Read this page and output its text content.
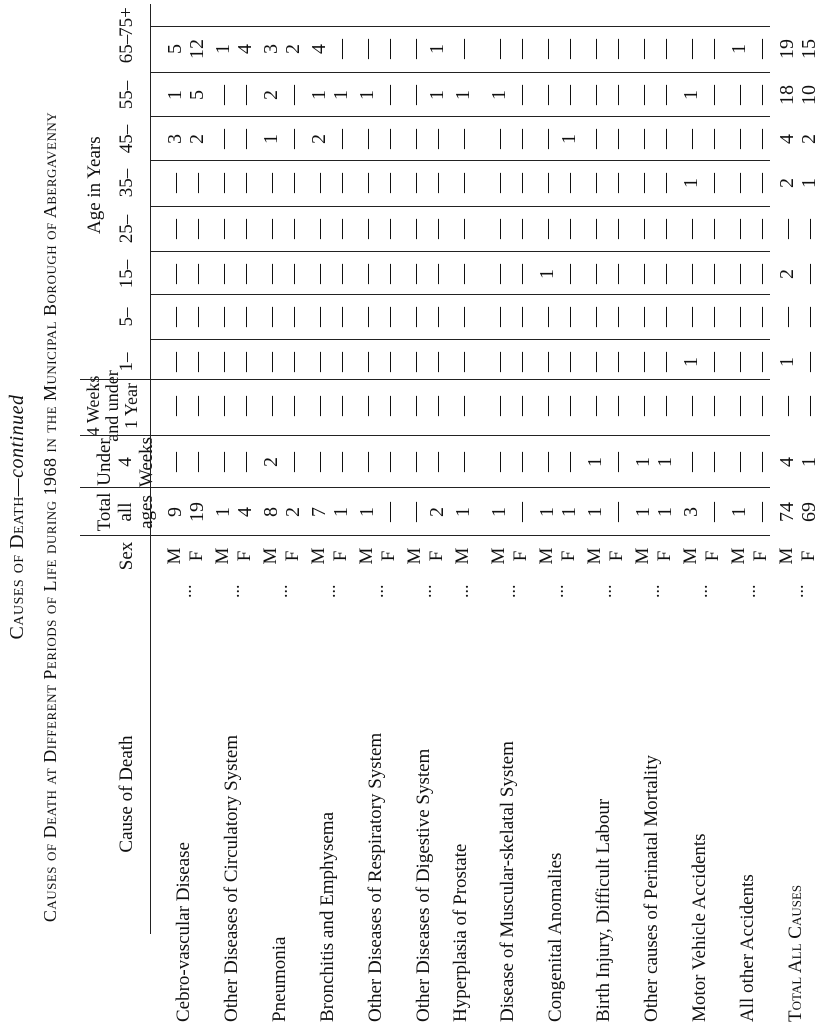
Causes of Death—continued Causes of Death at Different Periods of Life during 1968 in the Municipal Borough of Abergavenny	Cause of Death
Sex
Total all ages
Under 4 Weeks
4 Weeks and under 1 Year
Age in Years
1–
5–
15–
25–
35–
45–
55–
65–
75+
Cebro-vascular Disease
M
9
—
—
—
—
—
—
—
3
1
5
F
19
—
—
—
—
—
—
—
2
5
12
...
Other Diseases of Circulatory System
M
1
—
—
—
—
—
—
—
—
—
1
F
4
—
—
—
—
—
—
—
—
—
4
...
Pneumonia
M
8
2
—
—
—
—
—
—
1
2
3
F
2
—
—
—
—
—
—
—
—
—
2
...
Bronchitis and Emphysema
M
7
—
—
—
—
—
—
—
2
1
4
F
1
—
—
—
—
—
—
—
—
1
—
...
Other Diseases of Respiratory System
M
1
—
—
—
—
—
—
—
—
1
—
F
—
—
—
—
—
—
—
—
—
—
—
...
Other Diseases of Digestive System
M
—
—
—
—
—
—
—
—
—
—
—
F
2
—
—
—
—
—
—
—
—
1
1
...
Hyperplasia of Prostate
M
1
—
—
—
—
—
—
—
—
1
—
...
Disease of Muscular-skelatal System
M
1
—
—
—
—
—
—
—
—
1
—
F
—
—
—
—
—
—
—
—
—
—
—
...
Congenital Anomalies
M
1
—
—
—
—
1
—
—
—
—
—
F
1
—
—
—
—
—
—
—
1
—
—
...
Birth Injury, Difficult Labour
M
1
1
—
—
—
—
—
—
—
—
—
F
—
—
—
—
—
—
—
—
—
—
—
...
Other causes of Perinatal Mortality
M
1
1
—
—
—
—
—
—
—
—
—
F
1
1
—
—
—
—
—
—
—
—
—
...
Motor Vehicle Accidents
M
3
—
—
1
—
—
—
1
—
1
—
F
—
—
—
—
—
—
—
—
—
—
—
...
All other Accidents
M
1
—
—
—
—
—
—
—
—
—
1
F
—
—
—
—
—
—
—
—
—
—
—
...
Total All Causes
M
74
4
—
1
—
2
—
2
4
18
19
F
69
1
—
—
—
—
—
1
2
10
15
...
